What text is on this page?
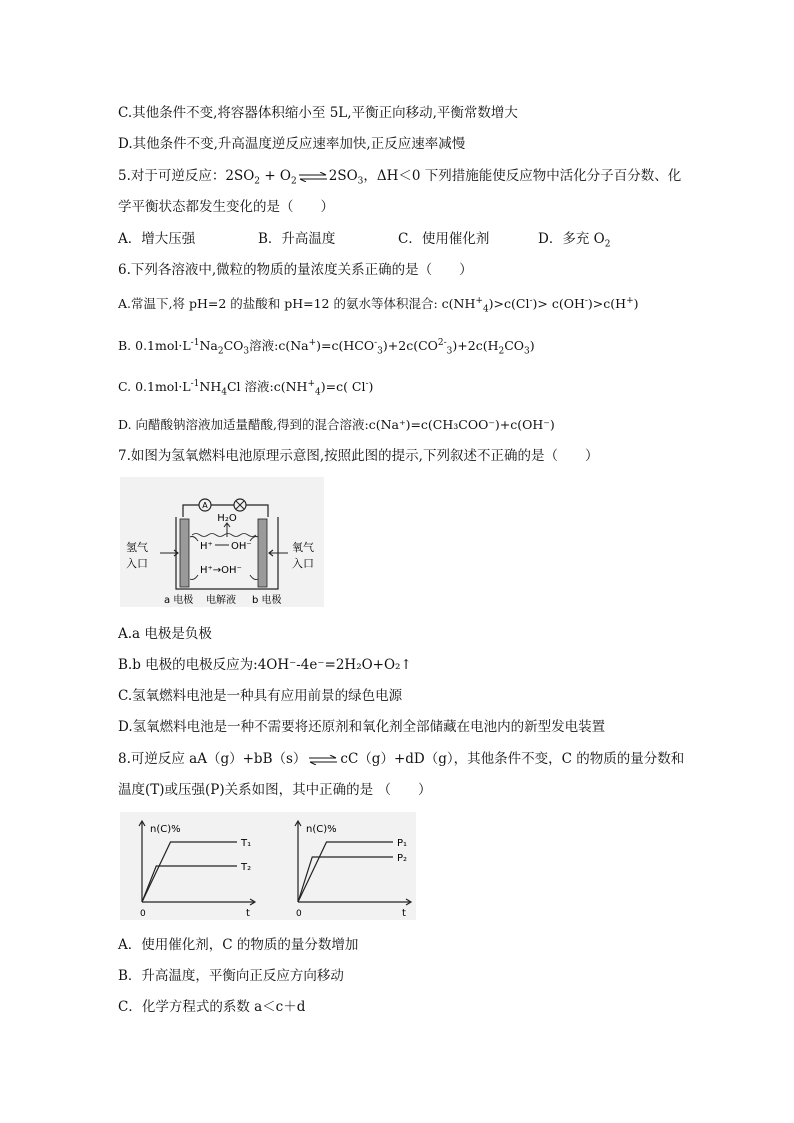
C.其他条件不变,将容器体积缩小至 5L,平衡正向移动,平衡常数增大
D.其他条件不变,升高温度逆反应速率加快,正反应速率减慢
5.对于可逆反应：$2SO_2 + O_2$ $\rightleftharpoons 2SO_3$，ΔH＜0 下列措施能使反应物中活化分子百分数、化
学平衡状态都发生变化的是（　　）
A．增大压强	B．升高温度	C．使用催化剂	D．多充 $O_2$
6.下列各溶液中,微粒的物质的量浓度关系正确的是（　　）
A.常温下,将 pH=2 的盐酸和 pH=12 的氨水等体积混合: $c(NH^+_4)>c(Cl^-)> c(OH^-)>c(H^+)$
B. $0.1mol\cdot L^{-1}Na_2CO_3$溶液$:c(Na^+)=c(HCO^-_3)+2c(CO^{2-}_3)+2c(H_2CO_3)$
C. $0.1mol\cdot L^{-1}NH_4Cl$ 溶液$:c(NH^+_4)=c$( Cl-)
D. 向醋酸钠溶液加适量醋酸,得到的混合溶液:c(Na⁺)=c(CH₃COO⁻)+c(OH⁻)
7.如图为氢氧燃料电池原理示意图,按照此图的提示,下列叙述不正确的是（　　）
A
H₂O
H⁺ OH⁻
H⁺→OH⁻
氢气
入口
氧气
入口
a 电极 电解液 b 电极
A.a 电极是负极
B.b 电极的电极反应为:4OH⁻-4e⁻=2H₂O+O₂↑
C.氢氧燃料电池是一种具有应用前景的绿色电源
D.氢氧燃料电池是一种不需要将还原剂和氧化剂全部储藏在电池内的新型发电装置
8.可逆反应 aA（g）+bB（s） ⇌ cC（g）+dD（g），其他条件不变，C 的物质的量分数和
温度(T)或压强(P)关系如图，其中正确的是 （　　）
n(C)%
t
0
T₁
T₂
n(C)%
t
0
P₁
P₂
A．使用催化剂，C 的物质的量分数增加
B．升高温度，平衡向正反应方向移动
C．化学方程式的系数 a＜c＋d
